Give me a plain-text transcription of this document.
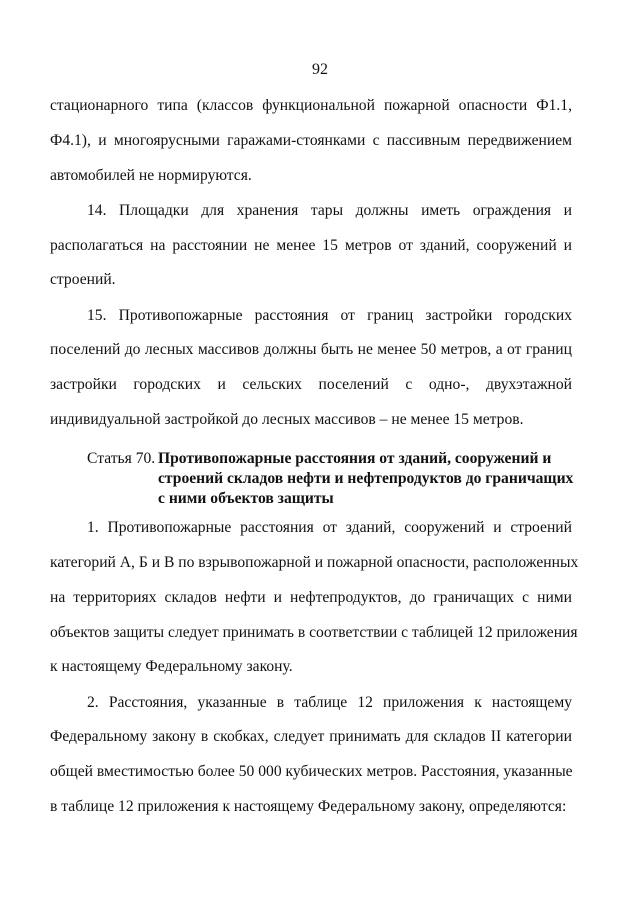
92
стационарного типа (классов функциональной пожарной опасности Ф1.1,
Ф4.1), и многоярусными гаражами-стоянками с пассивным передвижением
автомобилей не нормируются.
14. Площадки для хранения тары должны иметь ограждения и
располагаться на расстоянии не менее 15 метров от зданий, сооружений и
строений.
15. Противопожарные расстояния от границ застройки городских
поселений до лесных массивов должны быть не менее 50 метров, а от границ
застройки городских и сельских поселений с одно-, двухэтажной
индивидуальной застройкой до лесных массивов – не менее 15 метров.
Статья 70. Противопожарные расстояния от зданий, сооружений и
строений складов нефти и нефтепродуктов до граничащих
с ними объектов защиты
1. Противопожарные расстояния от зданий, сооружений и строений
категорий А, Б и В по взрывопожарной и пожарной опасности, расположенных
на территориях складов нефти и нефтепродуктов, до граничащих с ними
объектов защиты следует принимать в соответствии с таблицей 12 приложения
к настоящему Федеральному закону.
2. Расстояния, указанные в таблице 12 приложения к настоящему
Федеральному закону в скобках, следует принимать для складов II категории
общей вместимостью более 50 000 кубических метров. Расстояния, указанные
в таблице 12 приложения к настоящему Федеральному закону, определяются:
